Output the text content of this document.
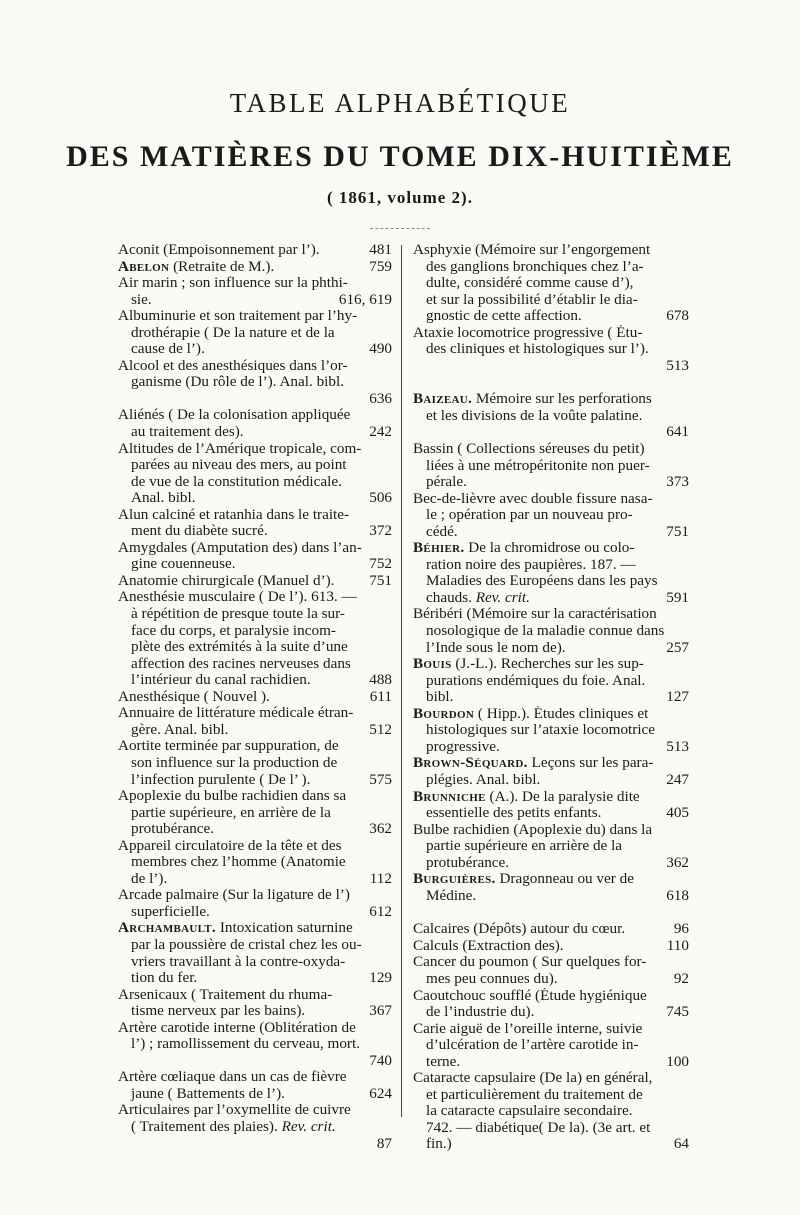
TABLE ALPHABÉTIQUE
DES MATIÈRES DU TOME DIX-HUITIÈME
( 1861, volume 2).
Aconit (Empoisonnement par l’).	481
Abelon (Retraite de M.).	759
Air marin ; son influence sur la phthi-
sie.	616, 619
Albuminurie et son traitement par l’hy-
drothérapie ( De la nature et de la
cause de l’).	490
Alcool et des anesthésiques dans l’or-
ganisme (Du rôle de l’). Anal. bibl.
636
Aliénés ( De la colonisation appliquée
au traitement des).	242
Altitudes de l’Amérique tropicale, com-
parées au niveau des mers, au point
de vue de la constitution médicale.
Anal. bibl.	506
Alun calciné et ratanhia dans le traite-
ment du diabète sucré.	372
Amygdales (Amputation des) dans l’an-
gine couenneuse.	752
Anatomie chirurgicale (Manuel d’).	751
Anesthésie musculaire ( De l’). 613. —
à répétition de presque toute la sur-
face du corps, et paralysie incom-
plète des extrémités à la suite d’une
affection des racines nerveuses dans
l’intérieur du canal rachidien.	488
Anesthésique ( Nouvel ).	611
Annuaire de littérature médicale étran-
gère. Anal. bibl.	512
Aortite terminée par suppuration, de
son influence sur la production de
l’infection purulente ( De l’ ).	575
Apoplexie du bulbe rachidien dans sa
partie supérieure, en arrière de la
protubérance.	362
Appareil circulatoire de la tête et des
membres chez l’homme (Anatomie
de l’).	112
Arcade palmaire (Sur la ligature de l’)
superficielle.	612
Archambault. Intoxication saturnine
par la poussière de cristal chez les ou-
vriers travaillant à la contre-oxyda-
tion du fer.	129
Arsenicaux ( Traitement du rhuma-
tisme nerveux par les bains).	367
Artère carotide interne (Oblitération de
l’) ; ramollissement du cerveau, mort.
740
Artère cœliaque dans un cas de fièvre
jaune ( Battements de l’).	624
Articulaires par l’oxymellite de cuivre
( Traitement des plaies). Rev. crit.
87
Asphyxie (Mémoire sur l’engorgement
des ganglions bronchiques chez l’a-
dulte, considéré comme cause d’),
et sur la possibilité d’établir le dia-
gnostic de cette affection.	678
Ataxie locomotrice progressive ( Étu-
des cliniques et histologiques sur l’).
513
Baizeau. Mémoire sur les perforations
et les divisions de la voûte palatine.
641
Bassin ( Collections séreuses du petit)
liées à une métropéritonite non puer-
pérale.	373
Bec-de-lièvre avec double fissure nasa-
le ; opération par un nouveau pro-
cédé.	751
Béhier. De la chromidrose ou colo-
ration noire des paupières. 187. —
Maladies des Européens dans les pays
chauds. Rev. crit.	591
Béribéri (Mémoire sur la caractérisation
nosologique de la maladie connue dans
l’Inde sous le nom de).	257
Bouis (J.-L.). Recherches sur les sup-
purations endémiques du foie. Anal.
bibl.	127
Bourdon ( Hipp.). Études cliniques et
histologiques sur l’ataxie locomotrice
progressive.	513
Brown-Séquard. Leçons sur les para-
plégies. Anal. bibl.	247
Brunniche (A.). De la paralysie dite
essentielle des petits enfants.	405
Bulbe rachidien (Apoplexie du) dans la
partie supérieure en arrière de la
protubérance.	362
Burguières. Dragonneau ou ver de
Médine.	618
Calcaires (Dépôts) autour du cœur.	96
Calculs (Extraction des).	110
Cancer du poumon ( Sur quelques for-
mes peu connues du).	92
Caoutchouc soufflé (Étude hygiénique
de l’industrie du).	745
Carie aiguë de l’oreille interne, suivie
d’ulcération de l’artère carotide in-
terne.	100
Cataracte capsulaire (De la) en général,
et particulièrement du traitement de
la cataracte capsulaire secondaire.
742. — diabétique( De la). (3e art. et
fin.)	64
